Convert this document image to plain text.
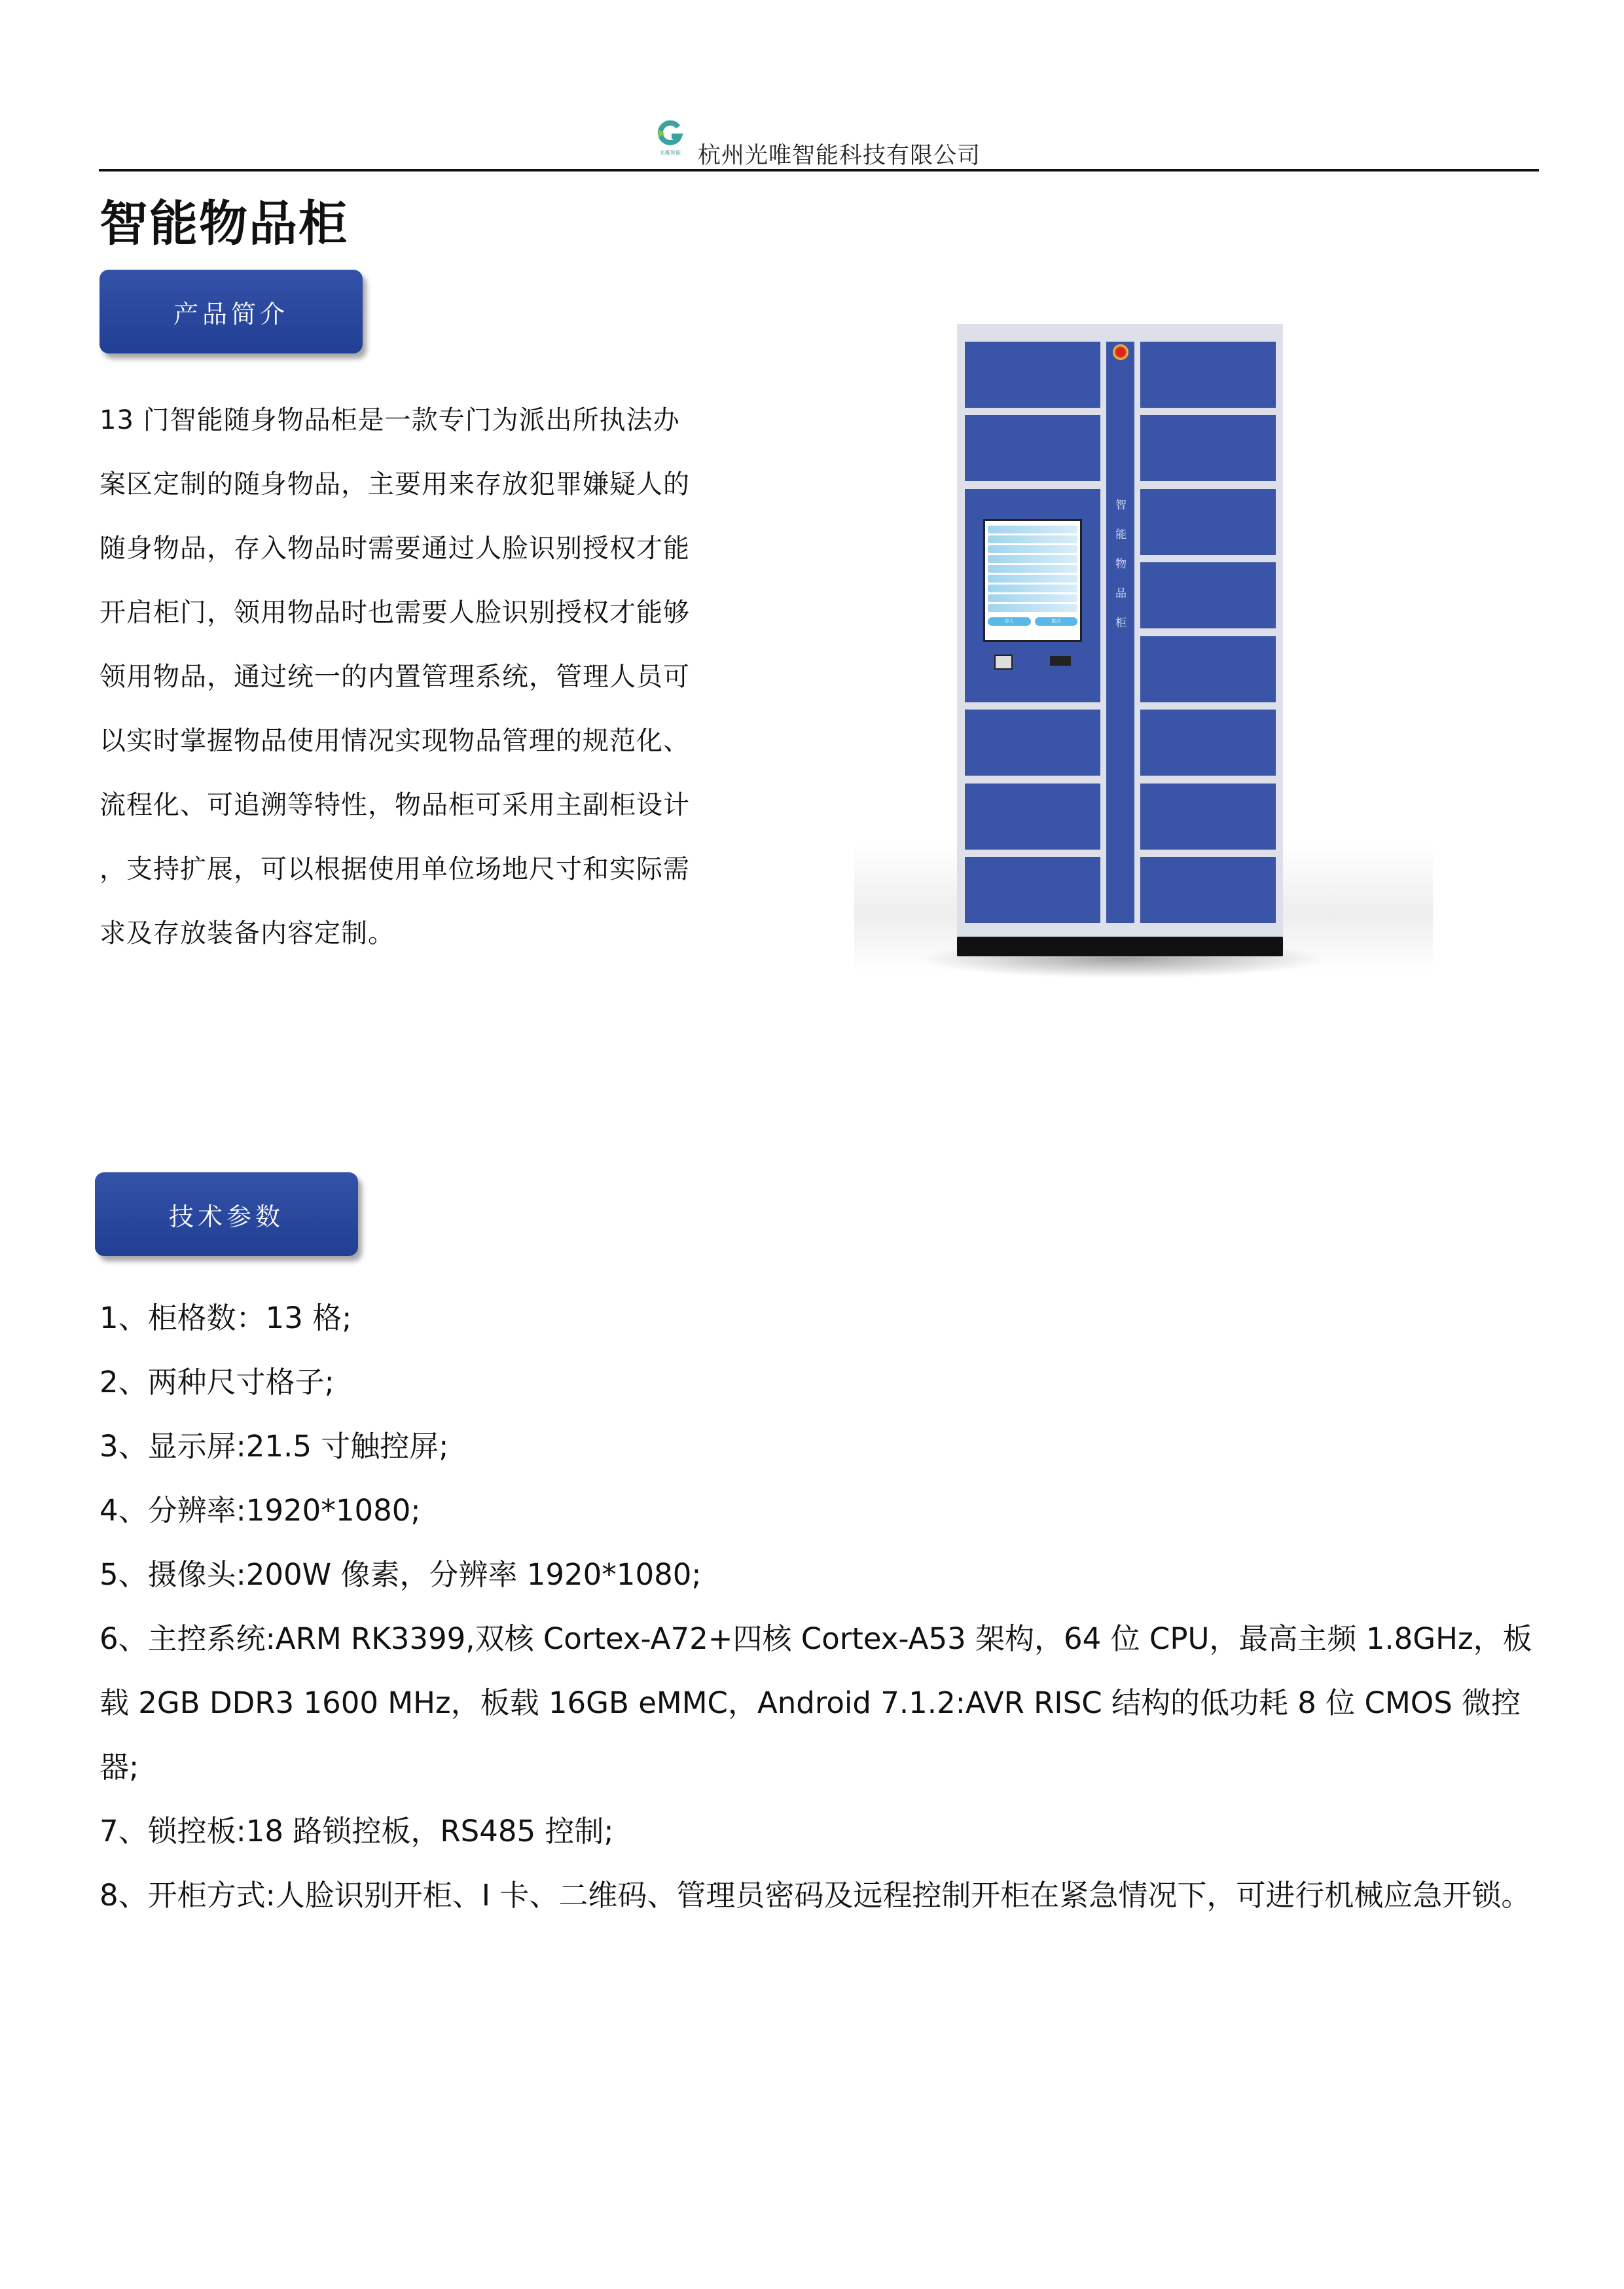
光唯智能 杭州光唯智能科技有限公司
智能物品柜
产品简介
13 门智能随身物品柜是一款专门为派出所执法办
案区定制的随身物品，主要用来存放犯罪嫌疑人的
随身物品，存入物品时需要通过人脸识别授权才能
开启柜门，领用物品时也需要人脸识别授权才能够
领用物品，通过统一的内置管理系统，管理人员可
以实时掌握物品使用情况实现物品管理的规范化、
流程化、可追溯等特性，物品柜可采用主副柜设计
，支持扩展，可以根据使用单位场地尺寸和实际需
求及存放装备内容定制。
存入	取出	智能物品柜
技术参数
1、柜格数：13 格;
2、两种尺寸格子;
3、显示屏:21.5 寸触控屏;
4、分辨率:1920*1080;
5、摄像头:200W 像素，分辨率 1920*1080;
6、主控系统:ARM RK3399,双核 Cortex-A72+四核 Cortex-A53 架构，64 位 CPU，最高主频 1.8GHz，板载 2GB DDR3 1600 MHz，板载 16GB eMMC，Android 7.1.2:AVR RISC 结构的低功耗 8 位 CMOS 微控器;
7、锁控板:18 路锁控板，RS485 控制;
8、开柜方式:人脸识别开柜、I 卡、二维码、管理员密码及远程控制开柜在紧急情况下，可进行机械应急开锁。
